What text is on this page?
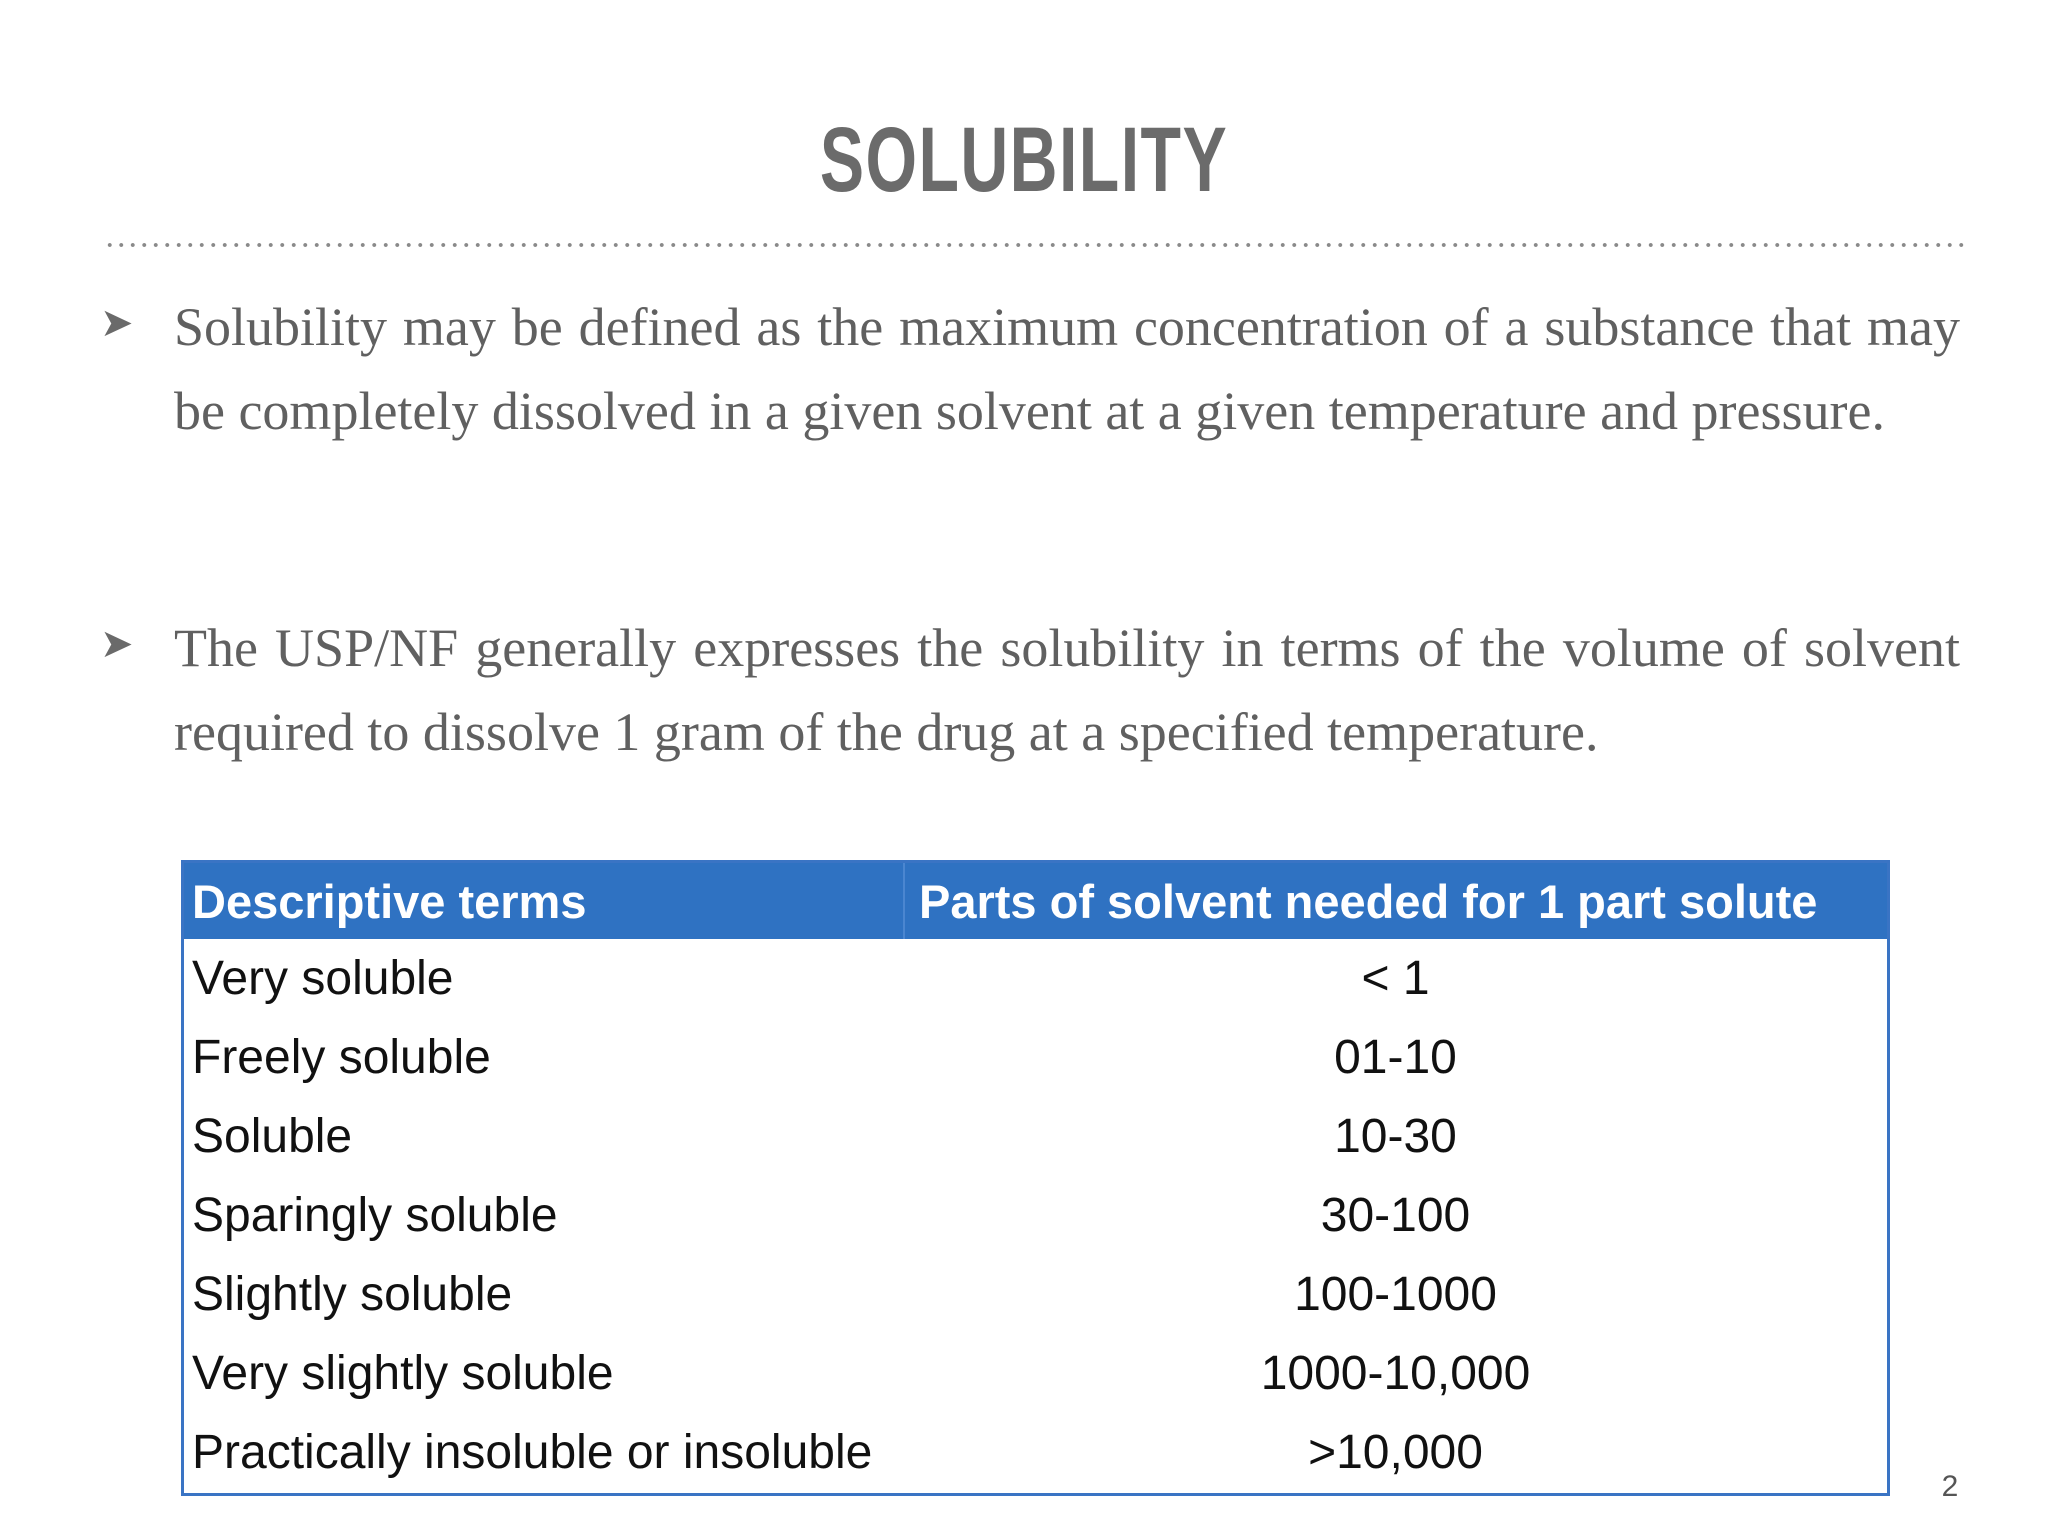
SOLUBILITY
➤ Solubility may be defined as the maximum concentration of a substance that may be completely dissolved in a given solvent at a given temperature and pressure.
➤ The USP/NF generally expresses the solubility in terms of the volume of solvent required to dissolve 1 gram of the drug at a specified temperature.
Descriptive terms	Parts of solvent needed for 1 part solute
Very soluble	< 1
Freely soluble	01-10
Soluble	10-30
Sparingly soluble	30-100
Slightly soluble	100-1000
Very slightly soluble	1000-10,000
Practically insoluble or insoluble	>10,000
2
